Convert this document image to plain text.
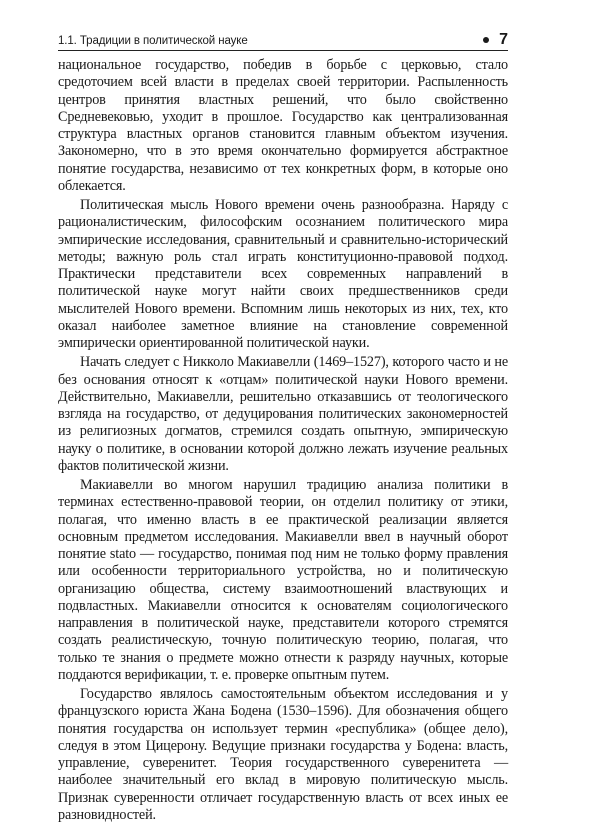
1.1. Традиции в политической науке	7

национальное государство, победив в борьбе с церковью, стало средоточием всей власти в пределах своей территории. Распыленность центров принятия властных решений, что было свойственно Средневековью, уходит в прошлое. Государство как централизованная структура властных органов становится главным объектом изучения. Закономерно, что в это время окончательно формируется абстрактное понятие государства, независимо от тех конкретных форм, в которые оно облекается.

Политическая мысль Нового времени очень разнообразна. Наряду с рационалистическим, философским осознанием политического мира эмпирические исследования, сравнительный и сравнительно-исторический методы; важную роль стал играть конституционно-правовой подход. Практически представители всех современных направлений в политической науке могут найти своих предшественников среди мыслителей Нового времени. Вспомним лишь некоторых из них, тех, кто оказал наиболее заметное влияние на становление современной эмпирически ориентированной политической науки.

Начать следует с Никколо Макиавелли (1469–1527), которого часто и не без основания относят к «отцам» политической науки Нового времени. Действительно, Макиавелли, решительно отказавшись от теологического взгляда на государство, от дедуцирования политических закономерностей из религиозных догматов, стремился создать опытную, эмпирическую науку о политике, в основании которой должно лежать изучение реальных фактов политической жизни.

Макиавелли во многом нарушил традицию анализа политики в терминах естественно-правовой теории, он отделил политику от этики, полагая, что именно власть в ее практической реализации является основным предметом исследования. Макиавелли ввел в научный оборот понятие stato — государство, понимая под ним не только форму правления или особенности территориального устройства, но и политическую организацию общества, систему взаимоотношений властвующих и подвластных. Макиавелли относится к основателям социологического направления в политической науке, представители которого стремятся создать реалистическую, точную политическую теорию, полагая, что только те знания о предмете можно отнести к разряду научных, которые поддаются верификации, т. е. проверке опытным путем.

Государство являлось самостоятельным объектом исследования и у французского юриста Жана Бодена (1530–1596). Для обозначения общего понятия государства он использует термин «республика» (общее дело), следуя в этом Цицерону. Ведущие признаки государства у Бодена: власть, управление, суверенитет. Теория государственного суверенитета — наиболее значительный его вклад в мировую политическую мысль. Признак суверенности отличает государственную власть от всех иных ее разновидностей.
